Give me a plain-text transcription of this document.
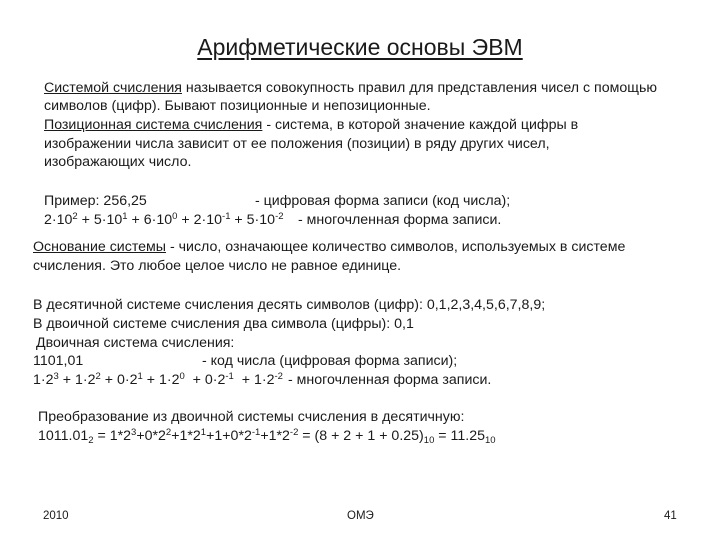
Арифметические основы ЭВМ
Системой счисления называется совокупность правил для представления чисел с помощью
символов (цифр). Бывают позиционные и непозиционные.
Позиционная система счисления - система, в которой значение каждой цифры в
изображении числа зависит от ее положения (позиции) в ряду других чисел,
изображающих число.
Пример: 256,25	- цифровая форма записи (код числа);
$2\cdot 10^2 + 5\cdot 10^1 + 6\cdot 10^0 + 2\cdot 10^{-1} + 5\cdot 10^{-2}$ - многочленная форма записи.
Основание системы - число, означающее количество символов, используемых в системе
счисления. Это любое целое число не равное единице.
В десятичной системе счисления десять символов (цифр): 0,1,2,3,4,5,6,7,8,9;
В двоичной системе счисления два символа (цифры): 0,1
Двоичная система счисления:
1101,01	- код числа (цифровая форма записи);
$1\cdot 2^3 + 1\cdot 2^2 + 0\cdot 2^1 + 1\cdot 2^0 + 0\cdot 2^{-1} + 1\cdot 2^{-2}$ - многочленная форма записи.
Преобразование из двоичной системы счисления в десятичную:
$1011.01_2 = 1*2^3+0*2^2+1*2^1+1+0*2^{-1}+1*2^{-2} = (8 + 2 + 1 + 0.25)_{10} = 11.25_{10}$
2010	ОМЭ	41
